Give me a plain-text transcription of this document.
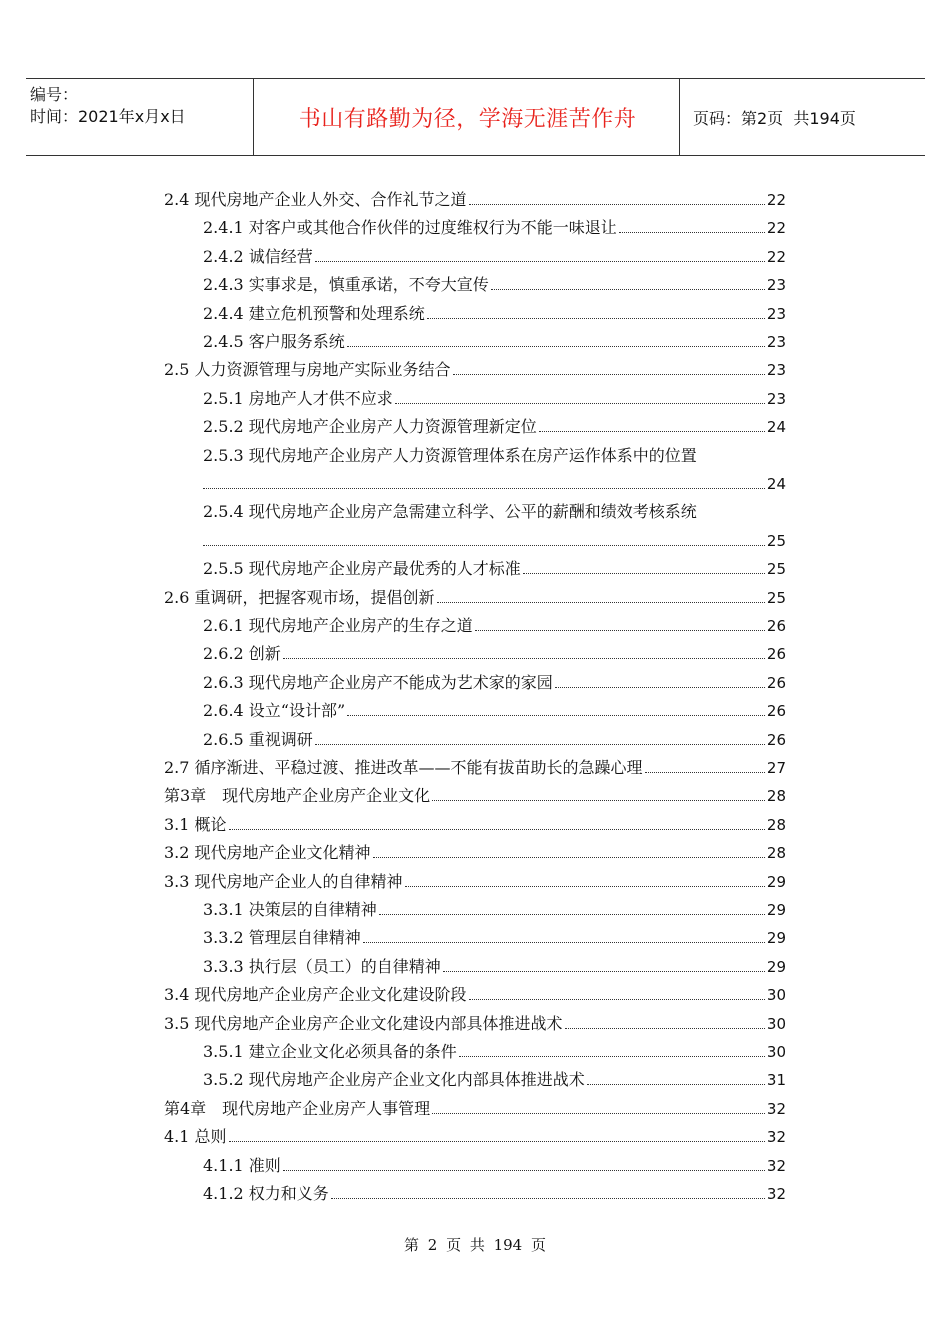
编号：
时间：2021年x月x日	书山有路勤为径，学海无涯苦作舟	页码：第2页  共194页
2.4 现代房地产企业人外交、合作礼节之道	22
2.4.1 对客户或其他合作伙伴的过度维权行为不能一味退让	22
2.4.2 诚信经营	22
2.4.3 实事求是，慎重承诺，不夸大宣传	23
2.4.4 建立危机预警和处理系统	23
2.4.5 客户服务系统	23
2.5 人力资源管理与房地产实际业务结合	23
2.5.1 房地产人才供不应求	23
2.5.2 现代房地产企业房产人力资源管理新定位	24
2.5.3 现代房地产企业房产人力资源管理体系在房产运作体系中的位置
24
2.5.4 现代房地产企业房产急需建立科学、公平的薪酬和绩效考核系统
25
2.5.5 现代房地产企业房产最优秀的人才标准	25
2.6 重调研，把握客观市场，提倡创新	25
2.6.1 现代房地产企业房产的生存之道	26
2.6.2 创新	26
2.6.3 现代房地产企业房产不能成为艺术家的家园	26
2.6.4 设立“设计部”	26
2.6.5 重视调研	26
2.7 循序渐进、平稳过渡、推进改革——不能有拔苗助长的急躁心理	27
第3章　现代房地产企业房产企业文化	28
3.1 概论	28
3.2 现代房地产企业文化精神	28
3.3 现代房地产企业人的自律精神	29
3.3.1 决策层的自律精神	29
3.3.2 管理层自律精神	29
3.3.3 执行层（员工）的自律精神	29
3.4 现代房地产企业房产企业文化建设阶段	30
3.5 现代房地产企业房产企业文化建设内部具体推进战术	30
3.5.1 建立企业文化必须具备的条件	30
3.5.2 现代房地产企业房产企业文化内部具体推进战术	31
第4章　现代房地产企业房产人事管理	32
4.1 总则	32
4.1.1 准则	32
4.1.2 权力和义务	32
第 2 页 共 194 页
